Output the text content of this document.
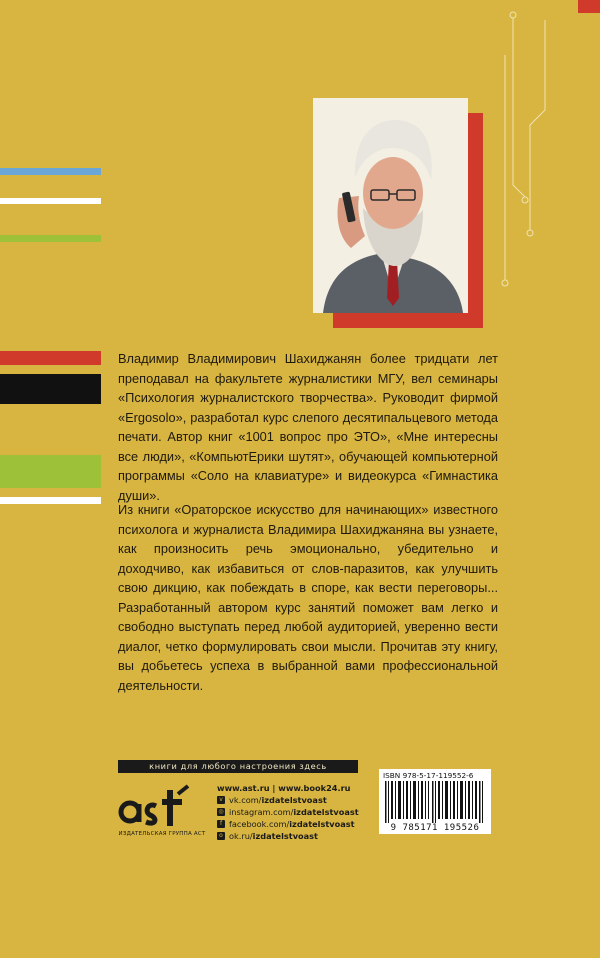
Владимир Владимирович Шахиджанян более тридцати лет преподавал на факультете журналистики МГУ, вел семинары «Психология журналистского творчества». Руководит фирмой «Ergosolo», разработал курс слепого десятипальцевого метода печати. Автор книг «1001 вопрос про ЭТО», «Мне интересны все люди», «КомпьютЕрики шутят», обучающей компьютерной программы «Соло на клавиатуре» и видеокурса «Гимнастика души».

Из книги «Ораторское искусство для начинающих» известного психолога и журналиста Владимира Шахиджаняна вы узнаете, как произносить речь эмоционально, убедительно и доходчиво, как избавиться от слов-паразитов, как улучшить свою дикцию, как побеждать в споре, как вести переговоры... Разработанный автором курс занятий поможет вам легко и свободно выступать перед любой аудиторией, уверенно вести диалог, четко формулировать свои мысли. Прочитав эту книгу, вы добьетесь успеха в выбранной вами профессиональной деятельности.

книги для любого настроения здесь
ИЗДАТЕЛЬСКАЯ ГРУППА АСТ
www.ast.ru | www.book24.ru
v vk.com/ izdatelstvoast
◎ instagram.com/ izdatelstvoast
f facebook.com/ izdatelstvoast
o ok.ru/ izdatelstvoast
ISBN 978-5-17-119552-6
9 785171 195526
